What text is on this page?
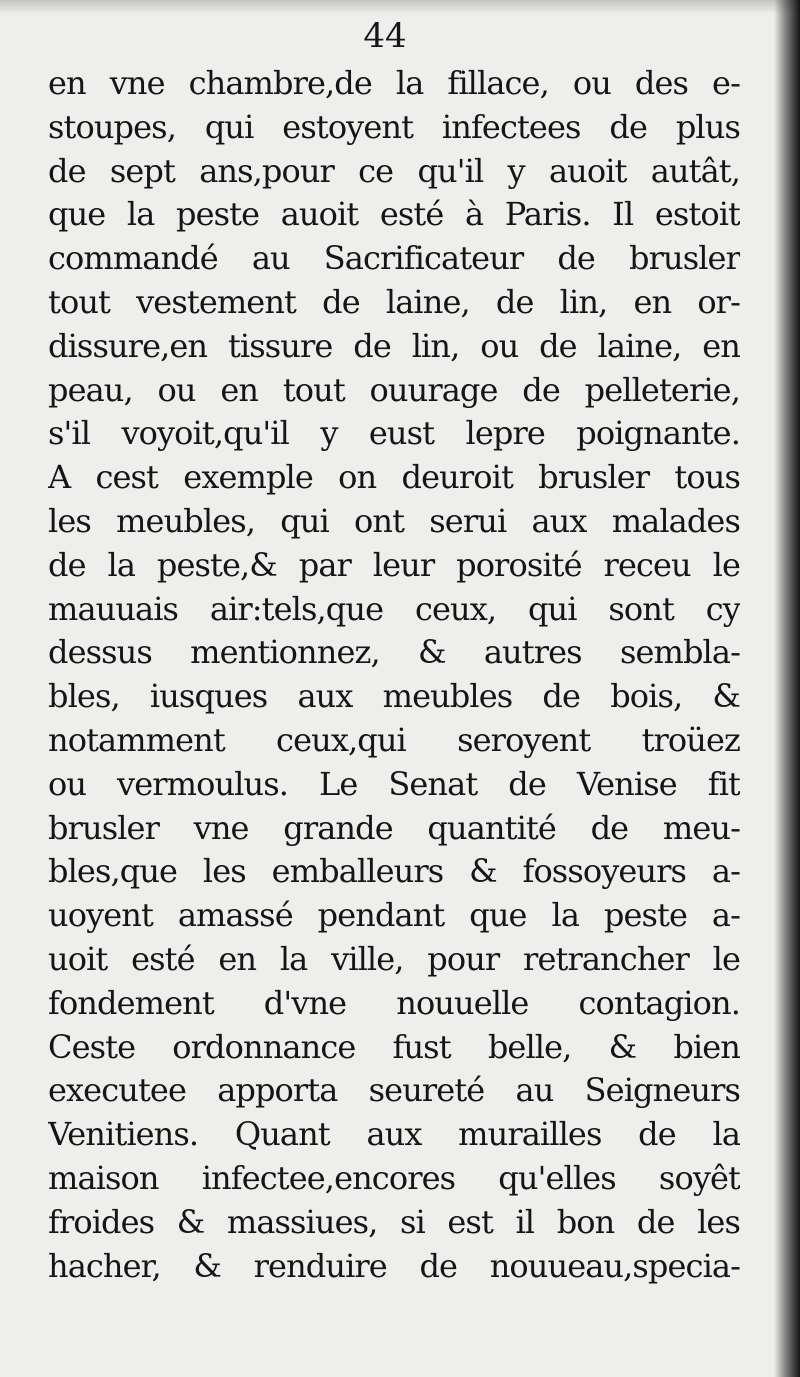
44
en vne chambre,de la fillace, ou des e-
stoupes, qui estoyent infectees de plus
de sept ans,pour ce qu'il y auoit autât,
que la peste auoit esté à Paris. Il estoit
commandé au Sacrificateur de brusler
tout vestement de laine, de lin, en or-
dissure,en tissure de lin, ou de laine, en
peau, ou en tout ouurage de pelleterie,
s'il voyoit,qu'il y eust lepre poignante.
A cest exemple on deuroit brusler tous
les meubles, qui ont serui aux malades
de la peste,& par leur porosité receu le
mauuais air:tels,que ceux, qui sont cy
dessus mentionnez, & autres sembla-
bles, iusques aux meubles de bois, &
notamment ceux,qui seroyent troüez
ou vermoulus. Le Senat de Venise fit
brusler vne grande quantité de meu-
bles,que les emballeurs & fossoyeurs a-
uoyent amassé pendant que la peste a-
uoit esté en la ville, pour retrancher le
fondement d'vne nouuelle contagion.
Ceste ordonnance fust belle, & bien
executee apporta seureté au Seigneurs
Venitiens. Quant aux murailles de la
maison infectee,encores qu'elles soyêt
froides & massiues, si est il bon de les
hacher, & renduire de nouueau,specia-
